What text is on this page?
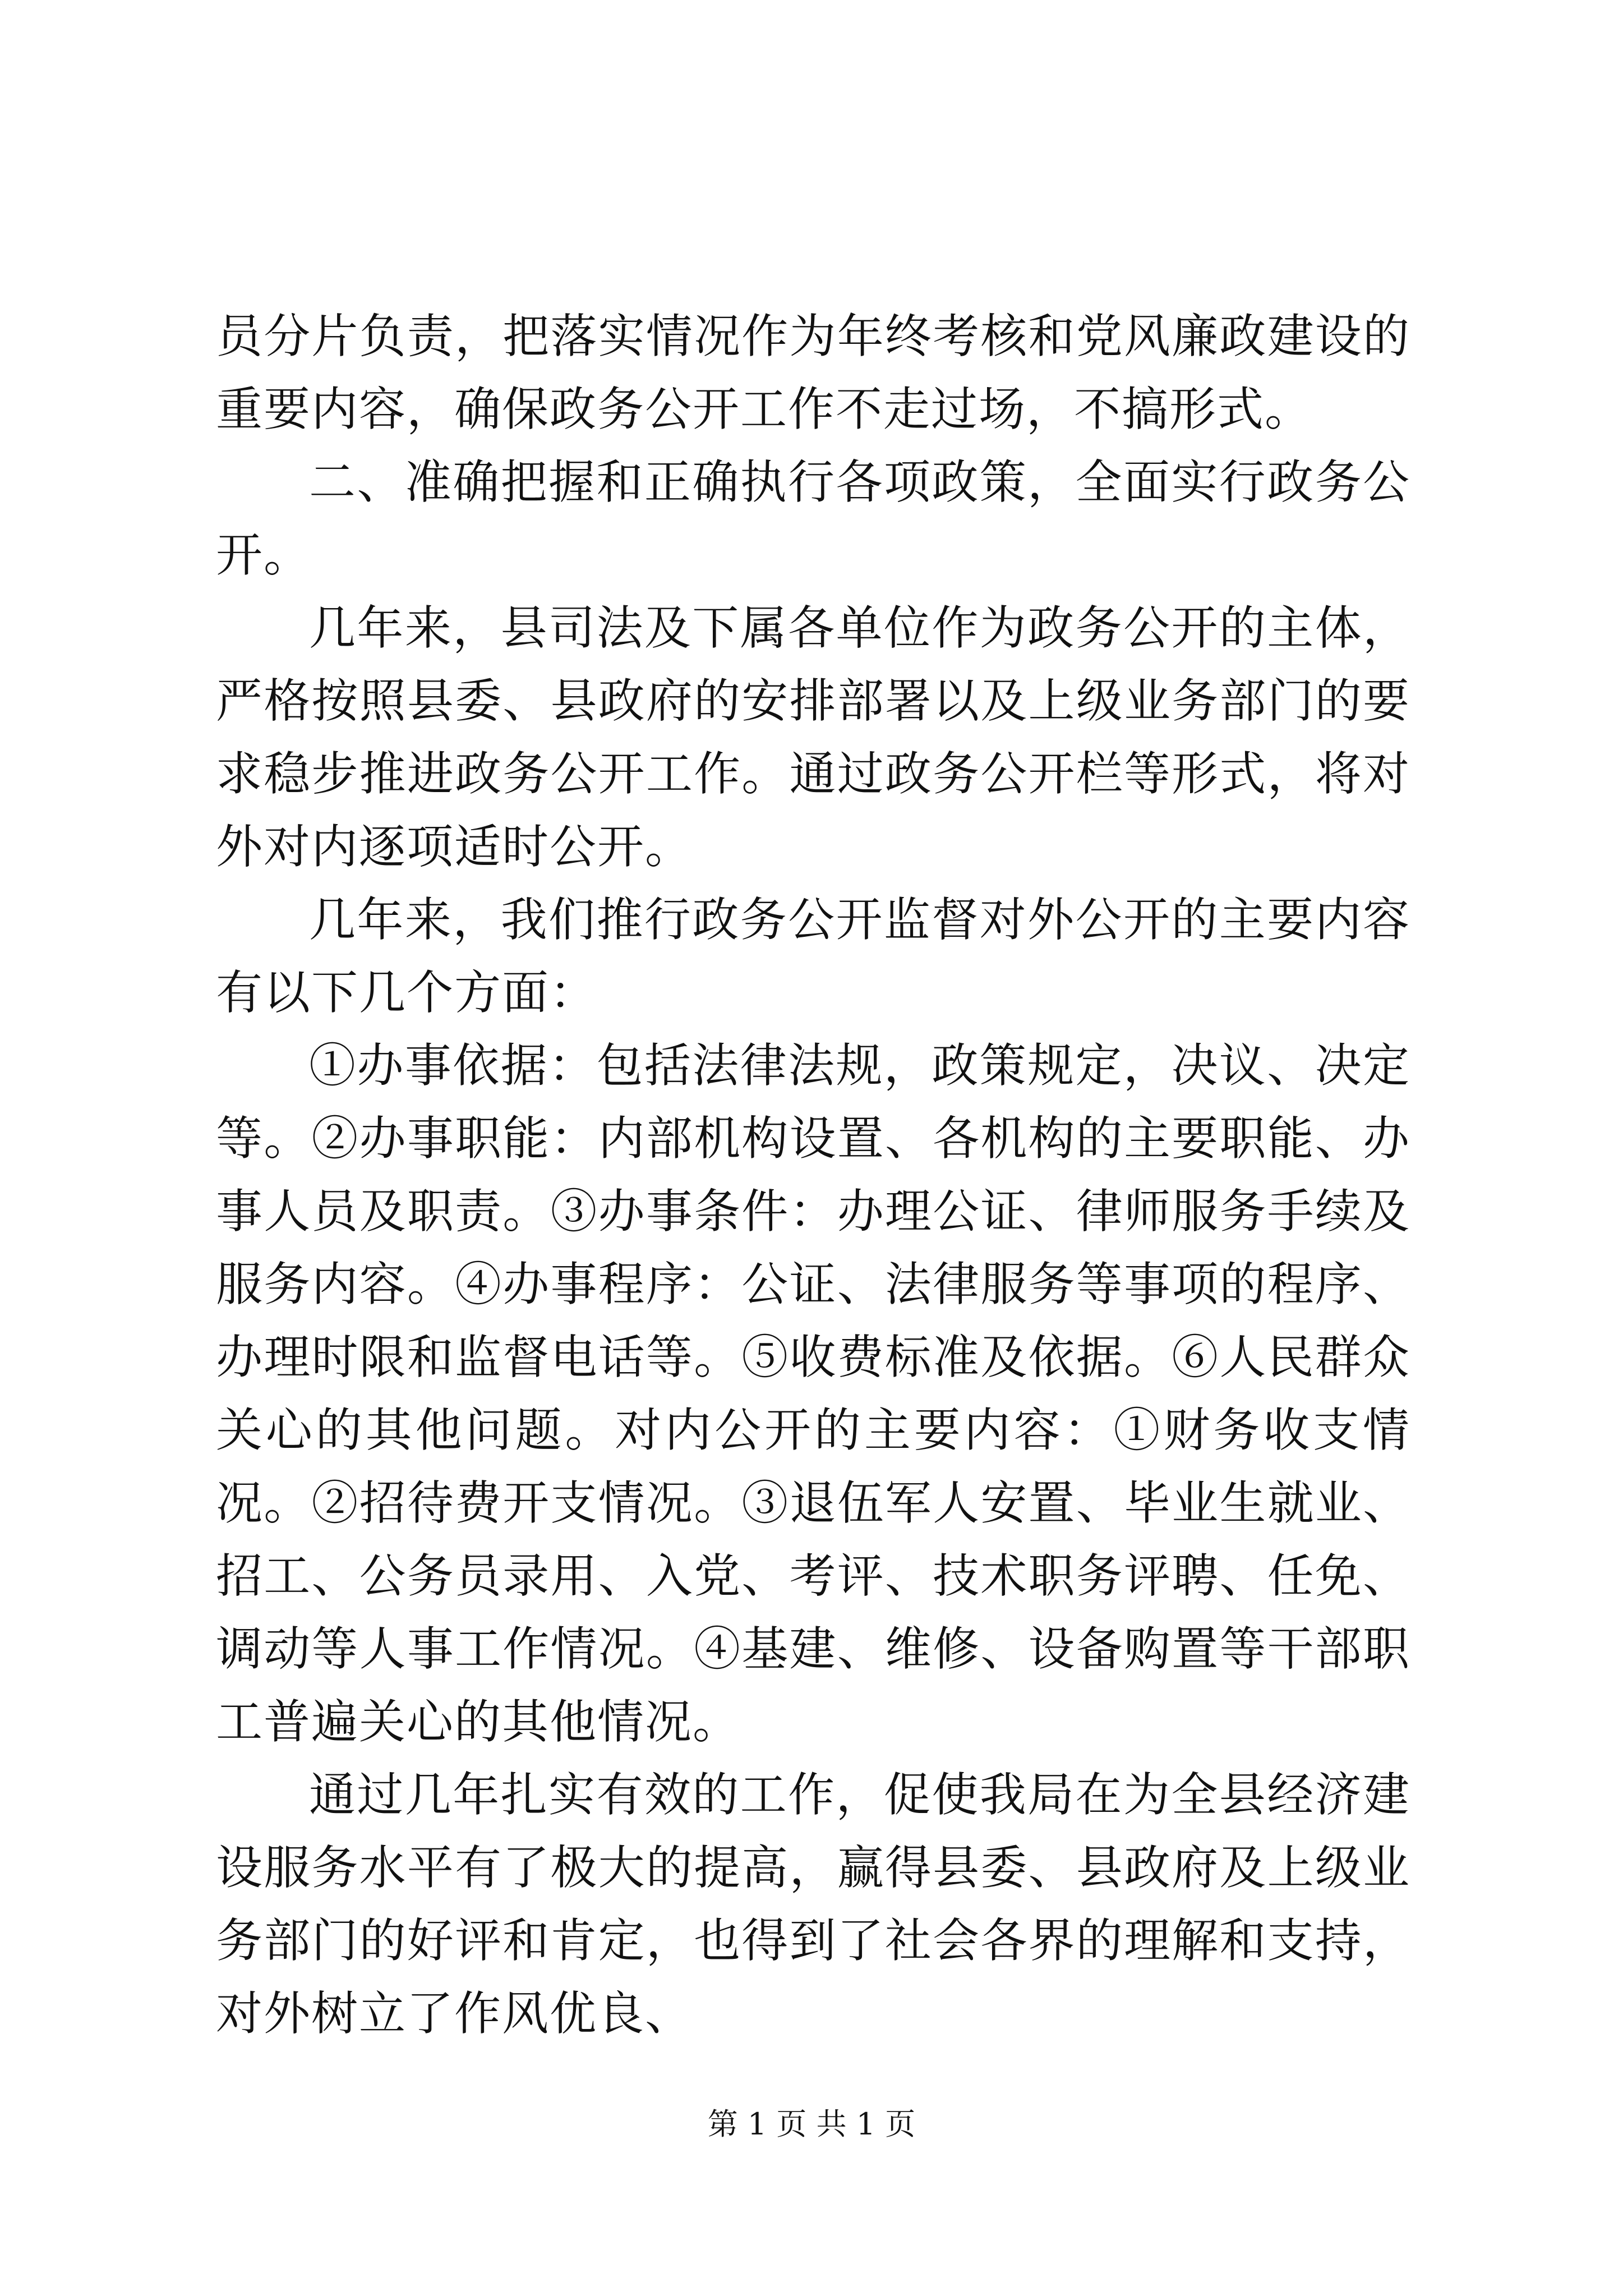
员分片负责，把落实情况作为年终考核和党风廉政建设的重要内容，确保政务公开工作不走过场，不搞形式。

二、准确把握和正确执行各项政策，全面实行政务公开。

几年来，县司法及下属各单位作为政务公开的主体，严格按照县委、县政府的安排部署以及上级业务部门的要求稳步推进政务公开工作。通过政务公开栏等形式，将对外对内逐项适时公开。

几年来，我们推行政务公开监督对外公开的主要内容有以下几个方面：

①办事依据：包括法律法规，政策规定，决议、决定等。②办事职能：内部机构设置、各机构的主要职能、办事人员及职责。③办事条件：办理公证、律师服务手续及服务内容。④办事程序：公证、法律服务等事项的程序、办理时限和监督电话等。⑤收费标准及依据。⑥人民群众关心的其他问题。对内公开的主要内容：①财务收支情况。②招待费开支情况。③退伍军人安置、毕业生就业、招工、公务员录用、入党、考评、技术职务评聘、任免、调动等人事工作情况。④基建、维修、设备购置等干部职工普遍关心的其他情况。

通过几年扎实有效的工作，促使我局在为全县经济建设服务水平有了极大的提高，赢得县委、县政府及上级业务部门的好评和肯定，也得到了社会各界的理解和支持，对外树立了作风优良、

第 1 页 共 1 页
